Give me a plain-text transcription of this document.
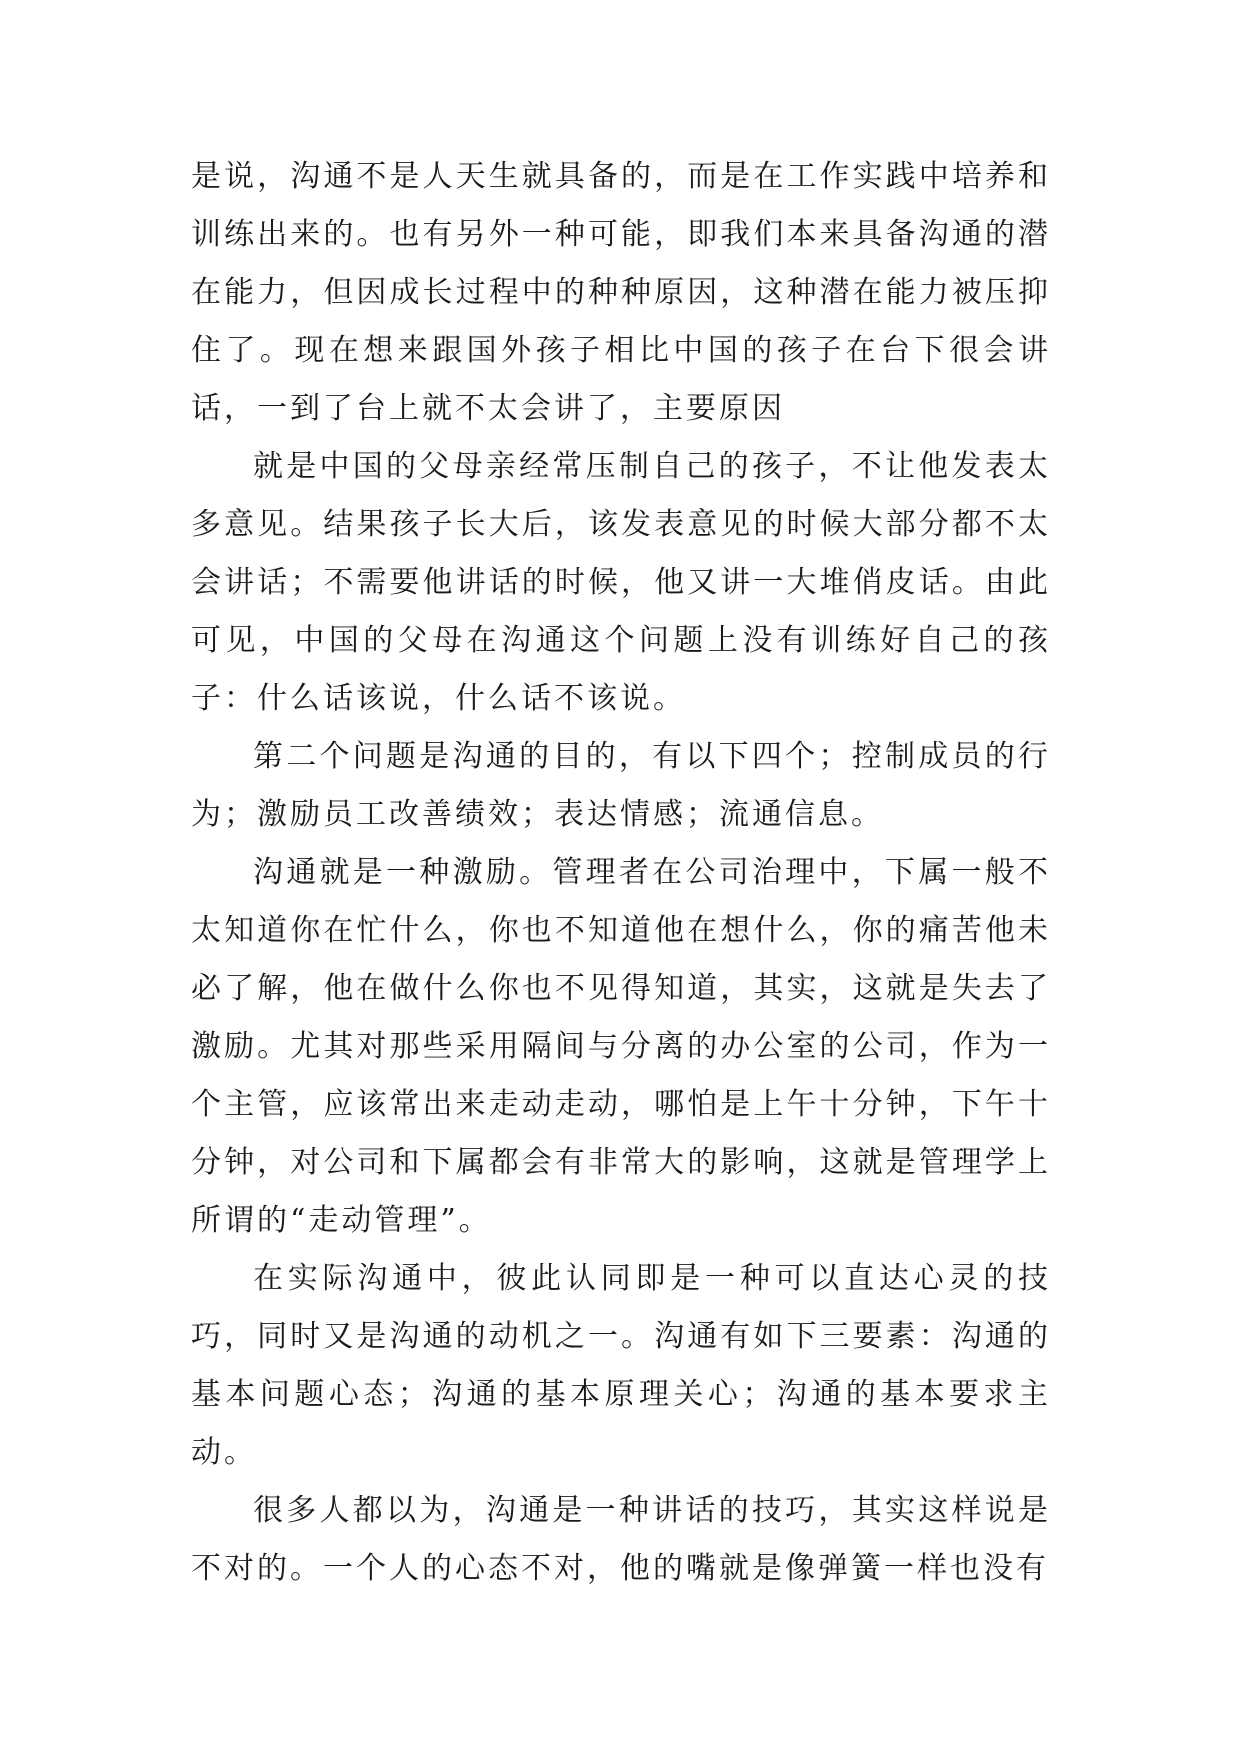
是说，沟通不是人天生就具备的，而是在工作实践中培养和训练出来的。也有另外一种可能，即我们本来具备沟通的潜在能力，但因成长过程中的种种原因，这种潜在能力被压抑住了。现在想来跟国外孩子相比中国的孩子在台下很会讲话，一到了台上就不太会讲了，主要原因

就是中国的父母亲经常压制自己的孩子，不让他发表太多意见。结果孩子长大后，该发表意见的时候大部分都不太会讲话；不需要他讲话的时候，他又讲一大堆俏皮话。由此可见，中国的父母在沟通这个问题上没有训练好自己的孩子：什么话该说，什么话不该说。

第二个问题是沟通的目的，有以下四个；控制成员的行为；激励员工改善绩效；表达情感；流通信息。

沟通就是一种激励。管理者在公司治理中，下属一般不太知道你在忙什么，你也不知道他在想什么，你的痛苦他未必了解，他在做什么你也不见得知道，其实，这就是失去了激励。尤其对那些采用隔间与分离的办公室的公司，作为一个主管，应该常出来走动走动，哪怕是上午十分钟，下午十分钟，对公司和下属都会有非常大的影响，这就是管理学上所谓的“走动管理”。

在实际沟通中，彼此认同即是一种可以直达心灵的技巧，同时又是沟通的动机之一。沟通有如下三要素：沟通的基本问题心态；沟通的基本原理关心；沟通的基本要求主动。

很多人都以为，沟通是一种讲话的技巧，其实这样说是不对的。一个人的心态不对，他的嘴就是像弹簧一样也没有
